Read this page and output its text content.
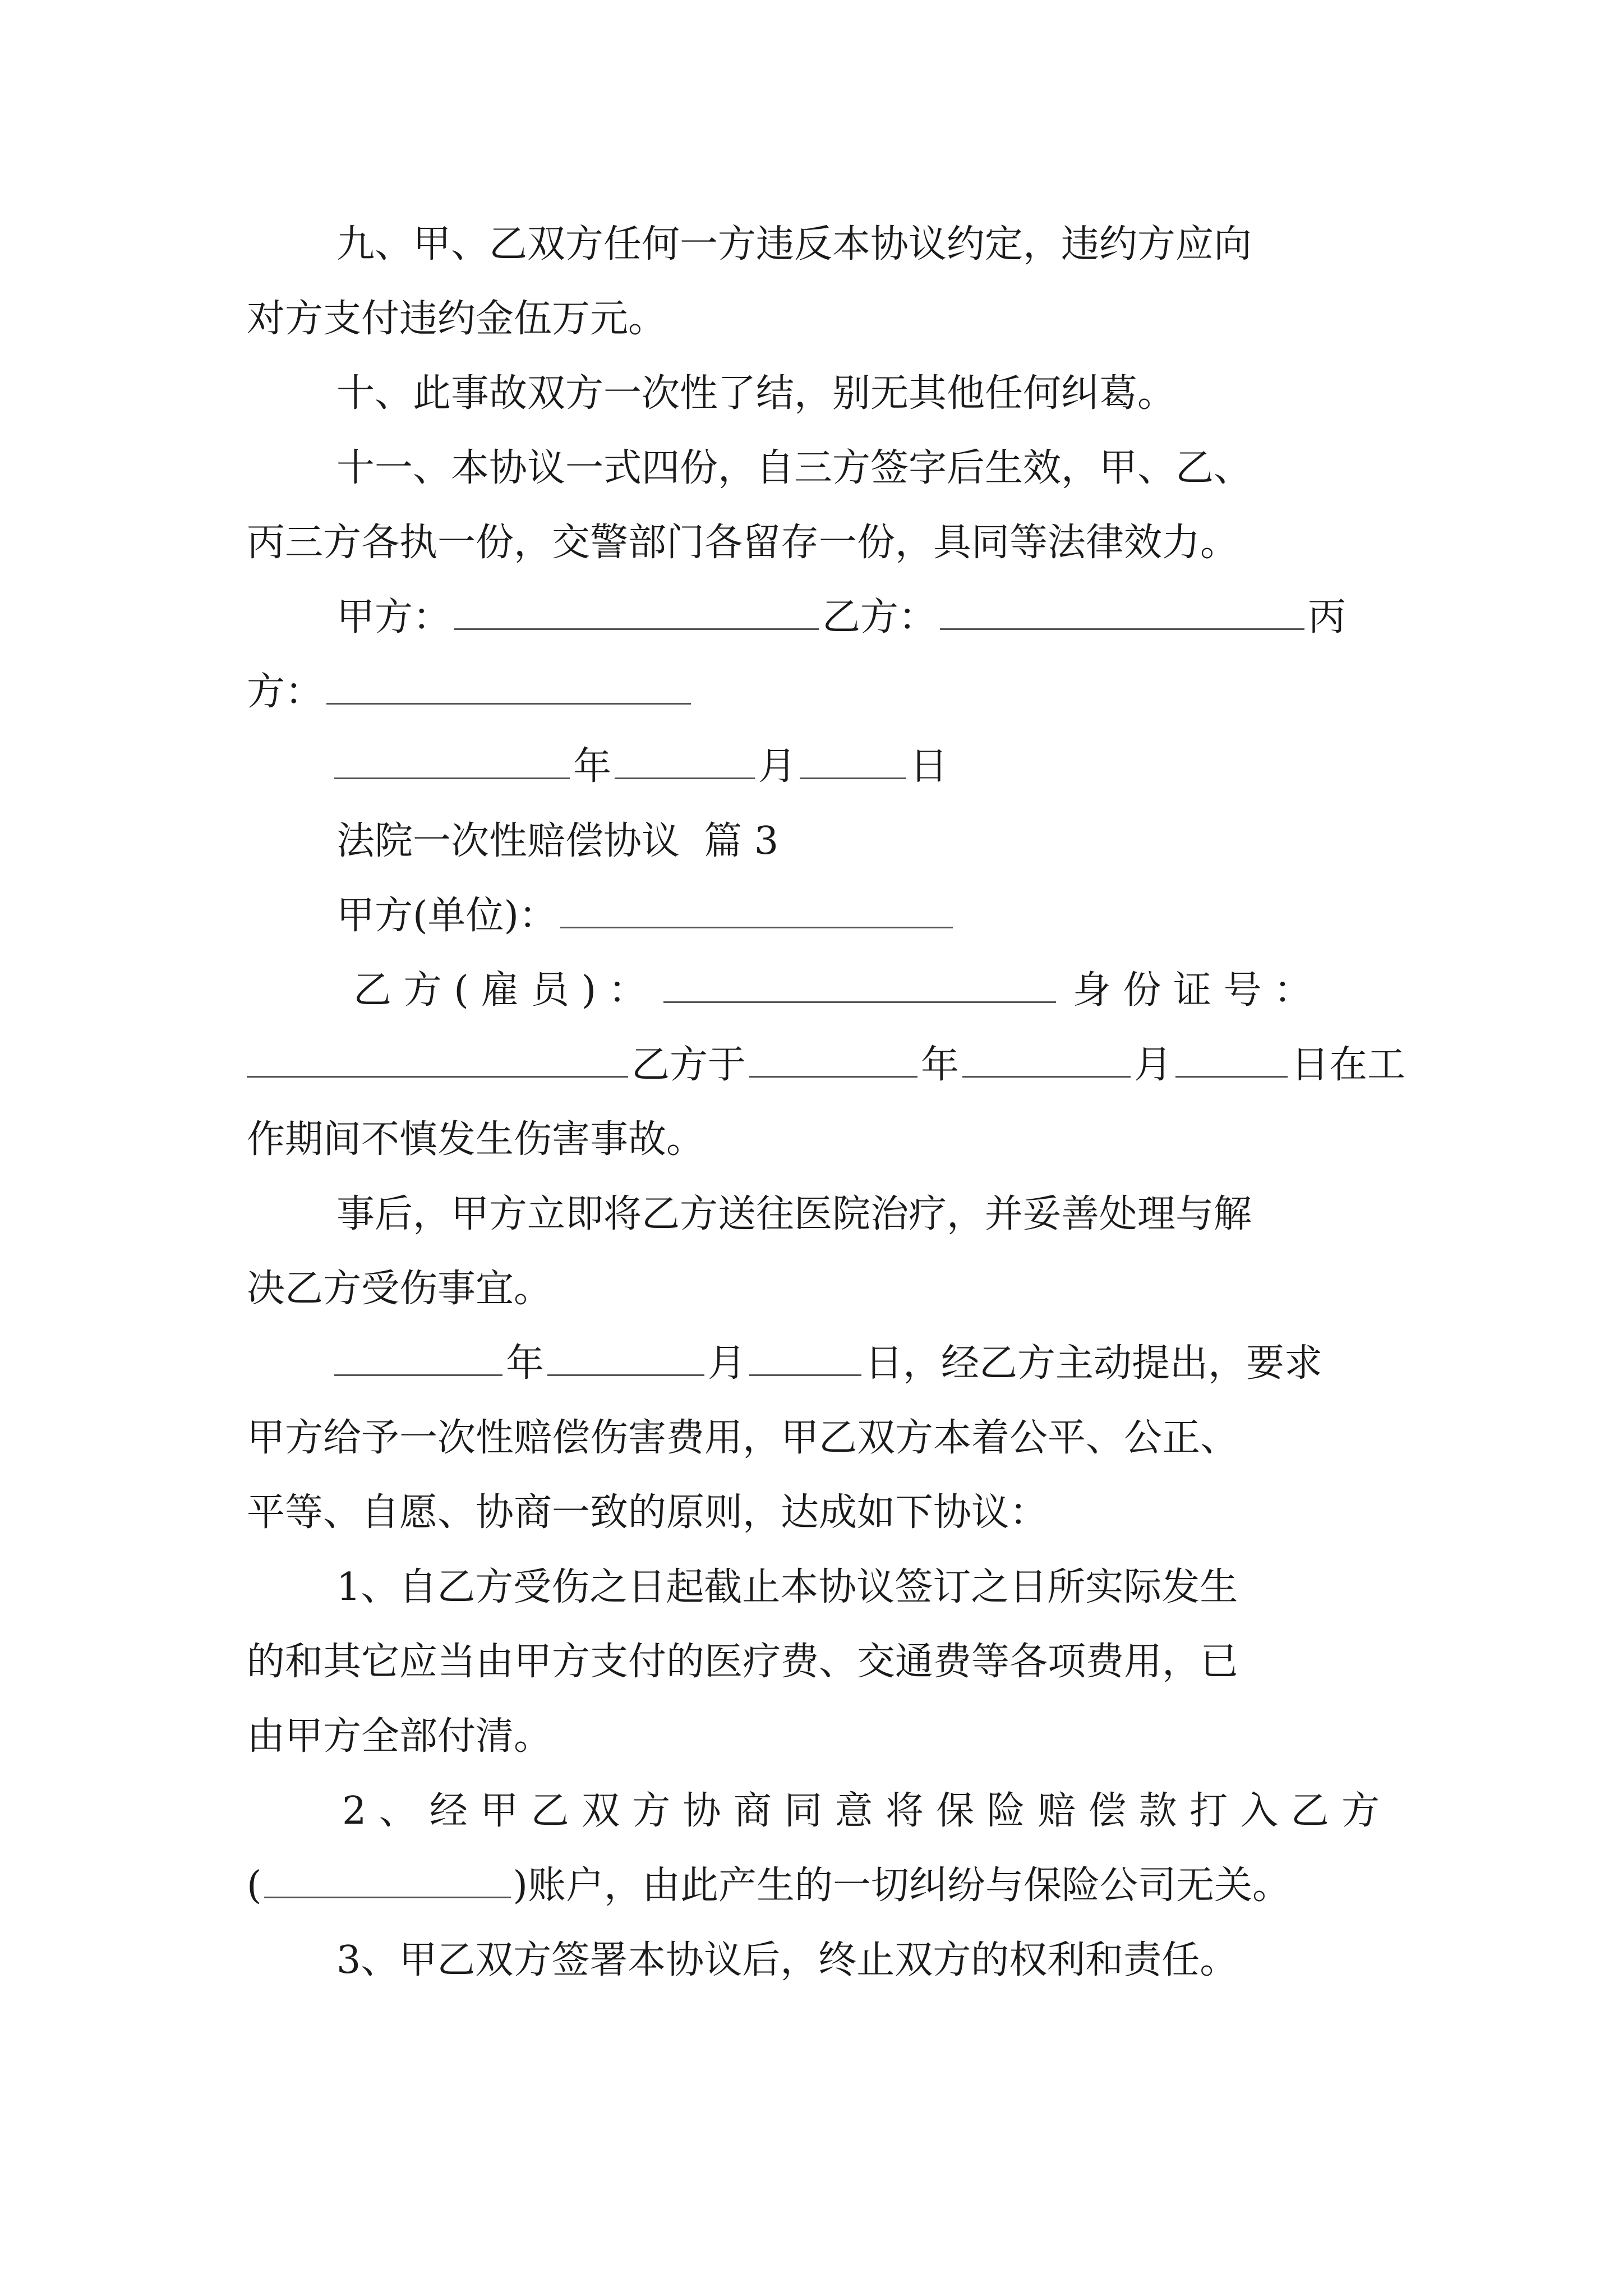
九、甲、乙双方任何一方违反本协议约定，违约方应向
对方支付违约金伍万元。
十、此事故双方一次性了结，别无其他任何纠葛。
十一、本协议一式四份，自三方签字后生效，甲、乙、
丙三方各执一份，交警部门各留存一份，具同等法律效力。
甲方：	乙方：	丙
方：
年	月	日
法院一次性赔偿协议 篇 3
甲方(单位)：
乙 方 ( 雇 员 ) ：	身 份 证 号 ：
乙方于	年	月	日在工
作期间不慎发生伤害事故。
事后，甲方立即将乙方送往医院治疗，并妥善处理与解
决乙方受伤事宜。
年	月	日，经乙方主动提出，要求
甲方给予一次性赔偿伤害费用，甲乙双方本着公平、公正、
平等、自愿、协商一致的原则，达成如下协议：
1、自乙方受伤之日起截止本协议签订之日所实际发生
的和其它应当由甲方支付的医疗费、交通费等各项费用，已
由甲方全部付清。
2、经甲乙双方协商同意将保险赔偿款打入乙方
(	)账户，由此产生的一切纠纷与保险公司无关。
3、甲乙双方签署本协议后，终止双方的权利和责任。
